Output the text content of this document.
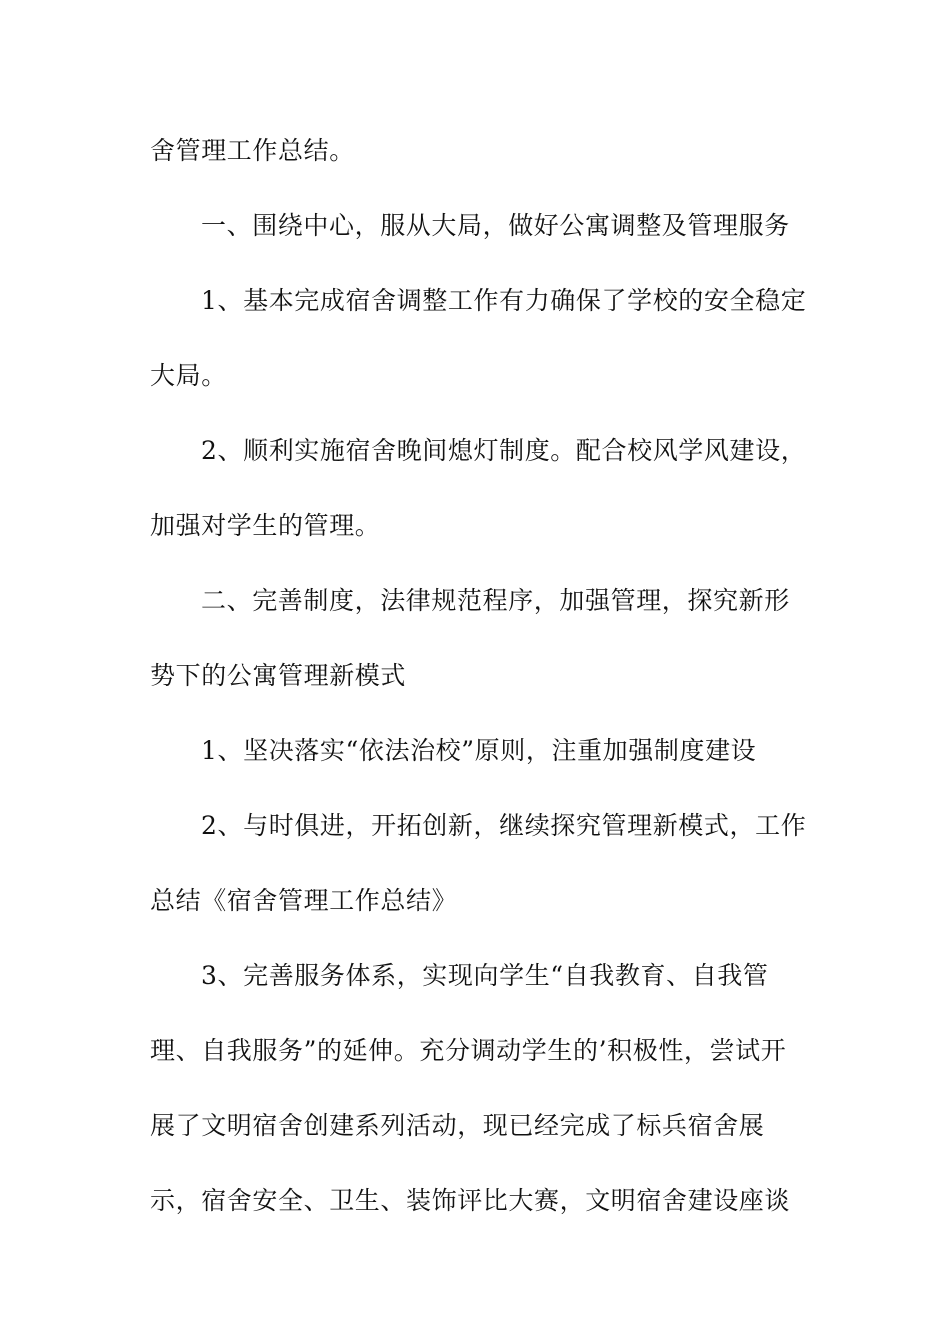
舍管理工作总结。

一、围绕中心，服从大局，做好公寓调整及管理服务

1、基本完成宿舍调整工作有力确保了学校的安全稳定

大局。

2、顺利实施宿舍晚间熄灯制度。配合校风学风建设，

加强对学生的管理。

二、完善制度，法律规范程序，加强管理，探究新形

势下的公寓管理新模式

1、坚决落实“依法治校”原则，注重加强制度建设

2、与时俱进，开拓创新，继续探究管理新模式，工作

总结《宿舍管理工作总结》

3、完善服务体系，实现向学生“自我教育、自我管

理、自我服务”的延伸。充分调动学生的’积极性，尝试开

展了文明宿舍创建系列活动，现已经完成了标兵宿舍展

示，宿舍安全、卫生、装饰评比大赛，文明宿舍建设座谈
